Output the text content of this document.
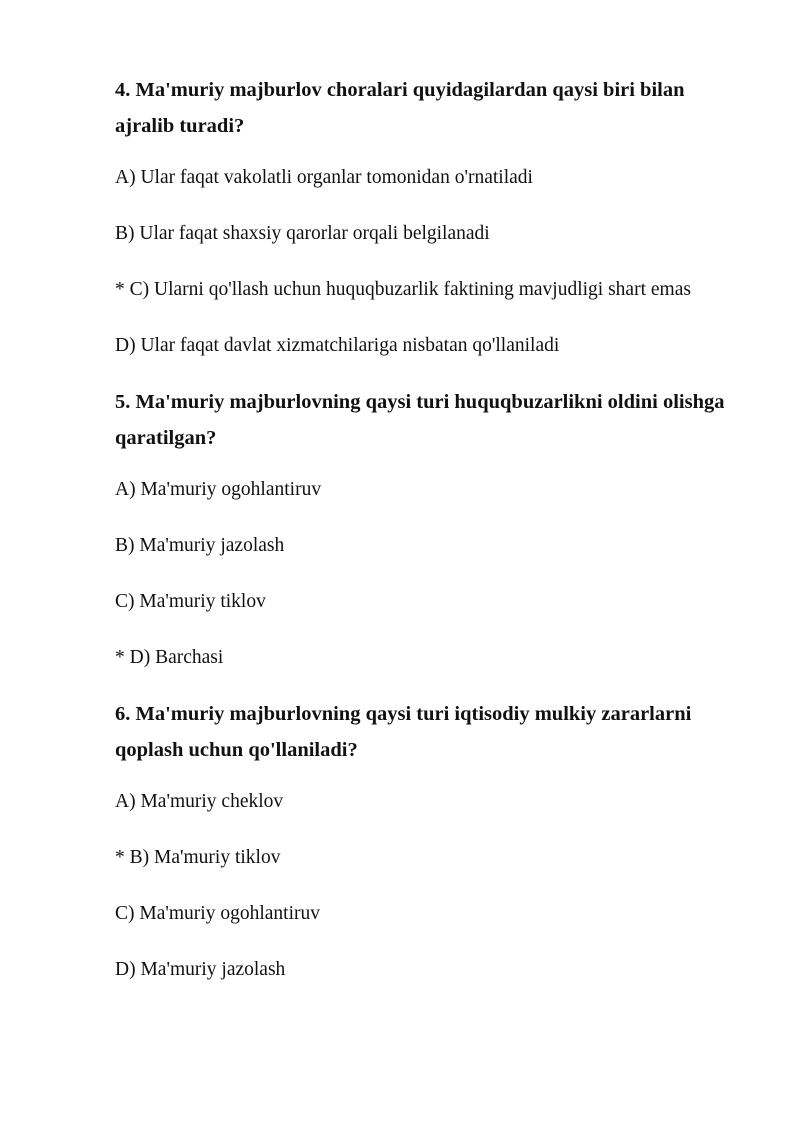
4. Ma'muriy majburlov choralari quyidagilardan qaysi biri bilan ajralib turadi?

A) Ular faqat vakolatli organlar tomonidan o'rnatiladi

B) Ular faqat shaxsiy qarorlar orqali belgilanadi

* C) Ularni qo'llash uchun huquqbuzarlik faktining mavjudligi shart emas

D) Ular faqat davlat xizmatchilariga nisbatan qo'llaniladi

5. Ma'muriy majburlovning qaysi turi huquqbuzarlikni oldini olishga qaratilgan?

A) Ma'muriy ogohlantiruv

B) Ma'muriy jazolash

C) Ma'muriy tiklov

* D) Barchasi

6. Ma'muriy majburlovning qaysi turi iqtisodiy mulkiy zararlarni qoplash uchun qo'llaniladi?

A) Ma'muriy cheklov

* B) Ma'muriy tiklov

C) Ma'muriy ogohlantiruv

D) Ma'muriy jazolash
